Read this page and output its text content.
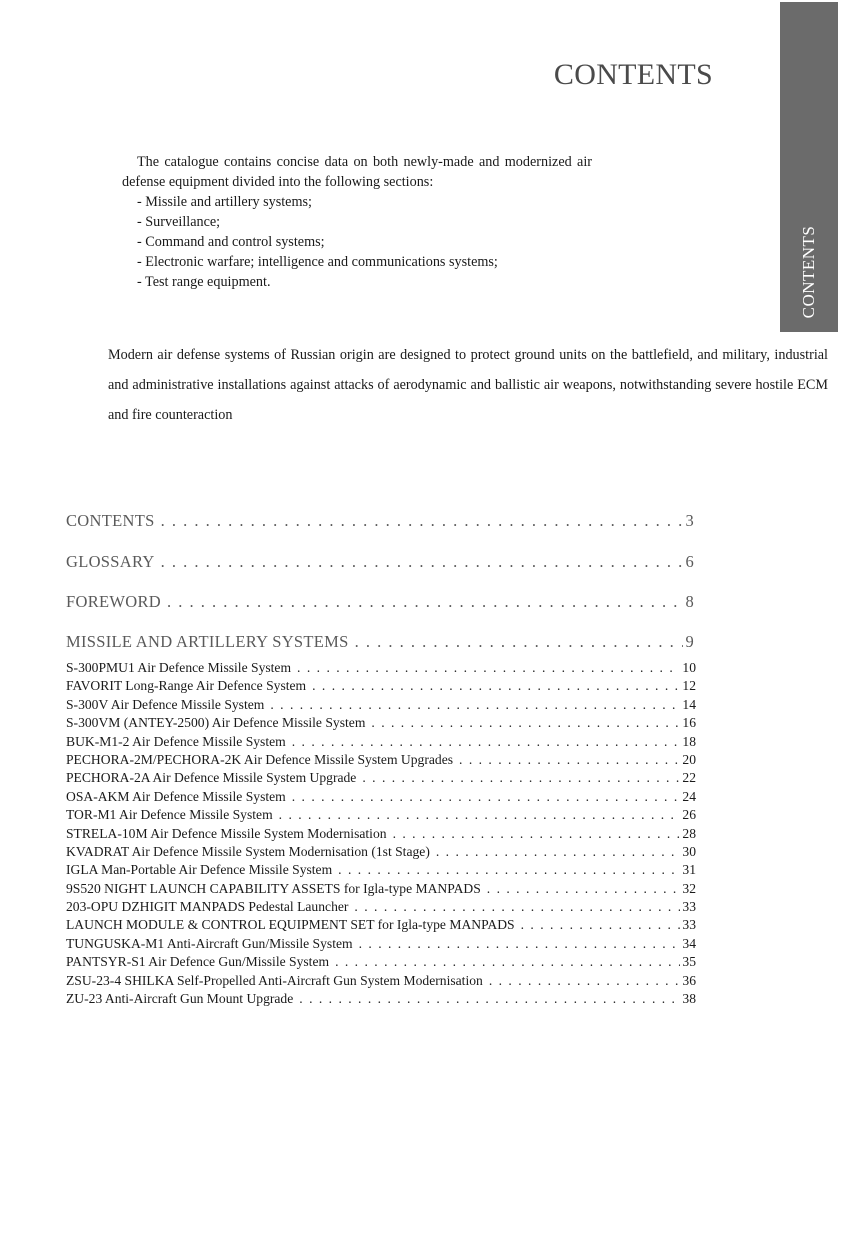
CONTENTS
CONTENTS

The catalogue contains concise data on both newly-made and modernized air defense equipment divided into the following sections:

- Missile and artillery systems;
- Surveillance;
- Command and control systems;
- Electronic warfare; intelligence and communications systems;
- Test range equipment.

Modern air defense systems of Russian origin are designed to protect ground units on the battlefield, and military, industrial and administrative installations against attacks of aerodynamic and ballistic air weapons, notwithstanding severe hostile ECM and fire counteraction

CONTENTS . . .	3
GLOSSARY . . .	6
FOREWORD . . .	8
MISSILE AND ARTILLERY SYSTEMS . . .	9
S-300PMU1 Air Defence Missile System . . .	10
FAVORIT Long-Range Air Defence System . . .	12
S-300V Air Defence Missile System . . .	14
S-300VM (ANTEY-2500) Air Defence Missile System . . .	16
BUK-M1-2 Air Defence Missile System . . .	18
PECHORA-2M/PECHORA-2K Air Defence Missile System Upgrades . . .	20
PECHORA-2A Air Defence Missile System Upgrade . . .	22
OSA-AKM Air Defence Missile System . . .	24
TOR-M1 Air Defence Missile System . . .	26
STRELA-10M Air Defence Missile System Modernisation . . .	28
KVADRAT Air Defence Missile System Modernisation (1st Stage) . . .	30
IGLA Man-Portable Air Defence Missile System . . .	31
9S520 NIGHT LAUNCH CAPABILITY ASSETS for Igla-type MANPADS . . .	32
203-OPU DZHIGIT MANPADS Pedestal Launcher . . .	33
LAUNCH MODULE & CONTROL EQUIPMENT SET for Igla-type MANPADS . . .	33
TUNGUSKA-M1 Anti-Aircraft Gun/Missile System . . .	34
PANTSYR-S1 Air Defence Gun/Missile System . . .	35
ZSU-23-4 SHILKA Self-Propelled Anti-Aircraft Gun System Modernisation . . .	36
ZU-23 Anti-Aircraft Gun Mount Upgrade . . .	38
